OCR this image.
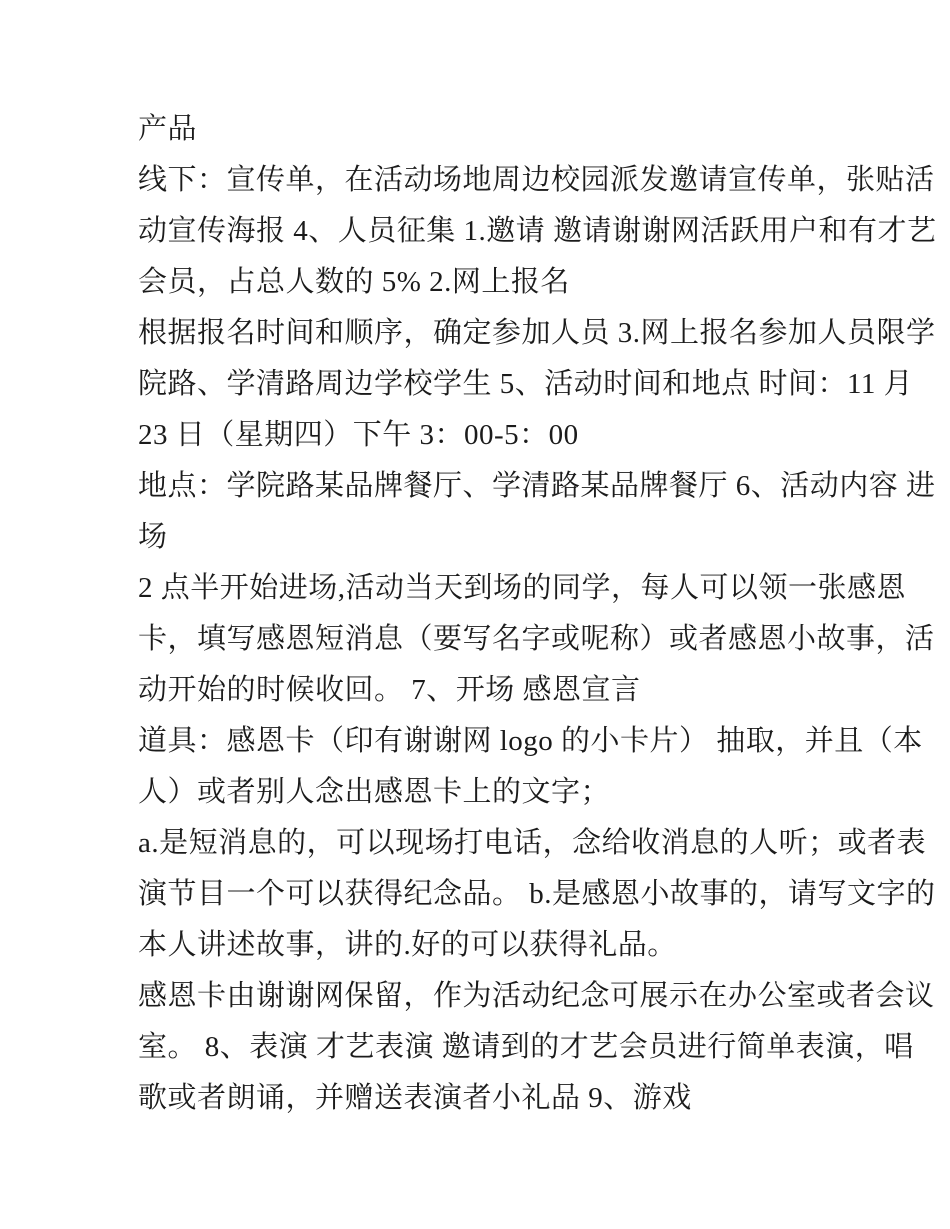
产品
线下：宣传单，在活动场地周边校园派发邀请宣传单，张贴活
动宣传海报 4、人员征集 1.邀请 邀请谢谢网活跃用户和有才艺
会员，占总人数的 5% 2.网上报名
根据报名时间和顺序，确定参加人员 3.网上报名参加人员限学
院路、学清路周边学校学生 5、活动时间和地点 时间：11 月
23 日（星期四）下午 3：00-5：00
地点：学院路某品牌餐厅、学清路某品牌餐厅 6、活动内容 进
场
2 点半开始进场,活动当天到场的同学，每人可以领一张感恩
卡，填写感恩短消息（要写名字或呢称）或者感恩小故事，活
动开始的时候收回。 7、开场 感恩宣言
道具：感恩卡（印有谢谢网 logo 的小卡片） 抽取，并且（本
人）或者别人念出感恩卡上的文字；
a.是短消息的，可以现场打电话，念给收消息的人听；或者表
演节目一个可以获得纪念品。 b.是感恩小故事的，请写文字的
本人讲述故事，讲的.好的可以获得礼品。
感恩卡由谢谢网保留，作为活动纪念可展示在办公室或者会议
室。 8、表演 才艺表演 邀请到的才艺会员进行简单表演，唱
歌或者朗诵，并赠送表演者小礼品 9、游戏
